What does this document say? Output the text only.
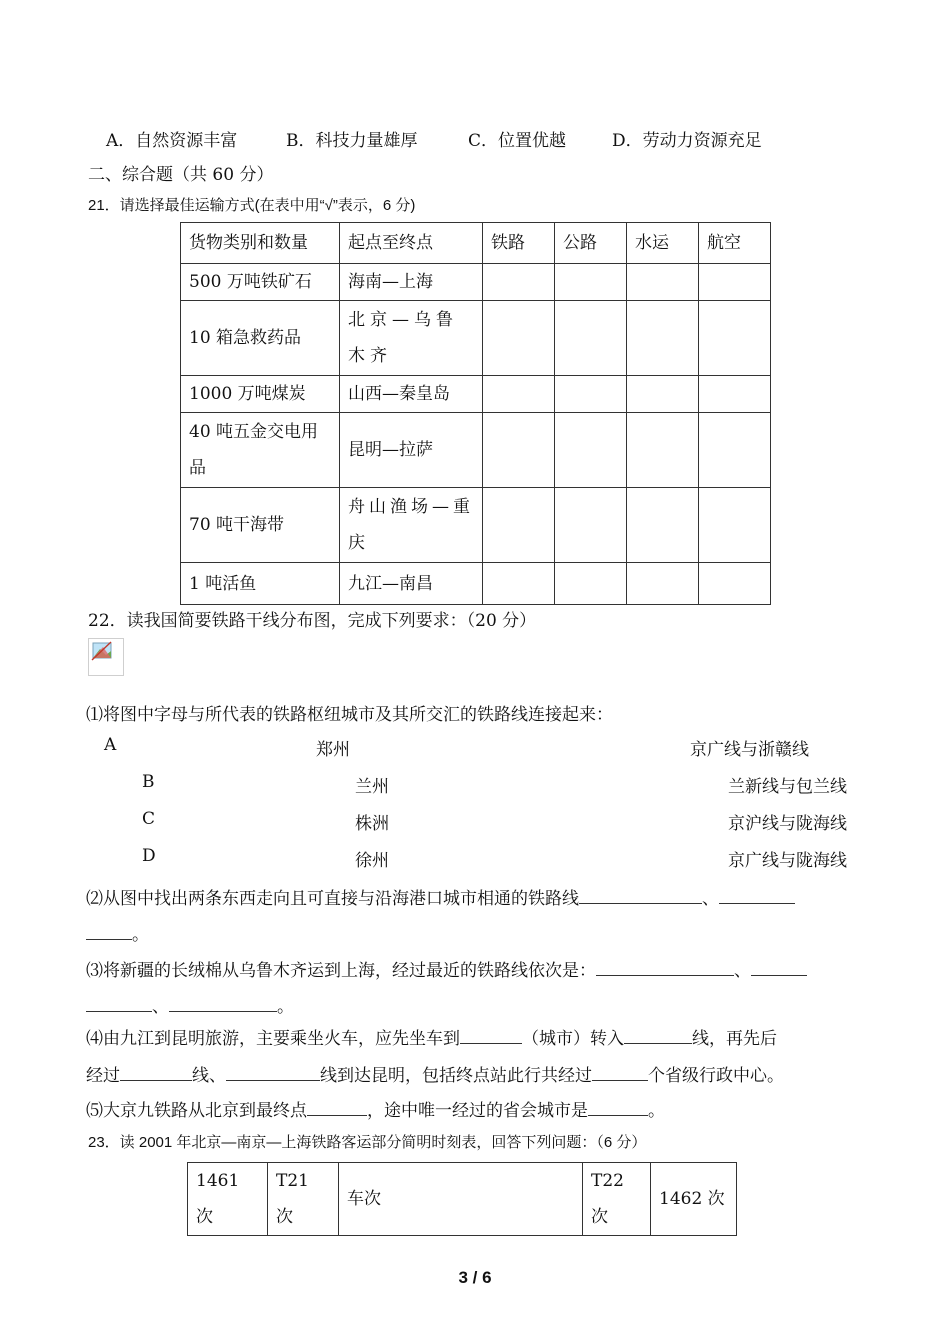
A．自然资源丰富	B．科技力量雄厚	C．位置优越	D．劳动力资源充足
二、综合题（共 60 分）
21．请选择最佳运输方式(在表中用“√”表示，6 分)
货物类别和数量	起点至终点	铁路	公路	水运	航空
500 万吨铁矿石	海南—上海				
10 箱急救药品	北京—乌鲁木齐				
1000 万吨煤炭	山西—秦皇岛				
40 吨五金交电用品	昆明—拉萨				
70 吨干海带	舟山渔场—重庆				
1 吨活鱼	九江—南昌				
22．读我国简要铁路干线分布图，完成下列要求：（20 分）
⑴将图中字母与所代表的铁路枢纽城市及其所交汇的铁路线连接起来：
A	郑州	京广线与浙赣线
B	兰州	兰新线与包兰线
C	株洲	京沪线与陇海线
D	徐州	京广线与陇海线
⑵从图中找出两条东西走向且可直接与沿海港口城市相通的铁路线	、
。
⑶将新疆的长绒棉从乌鲁木齐运到上海，经过最近的铁路线依次是：	、
、	。
⑷由九江到昆明旅游，主要乘坐火车，应先坐车到	（城市）转入	线，再先后
经过	线、	线到达昆明，包括终点站此行共经过	个省级行政中心。
⑸大京九铁路从北京到最终点	，途中唯一经过的省会城市是	。
23．读 2001 年北京—南京—上海铁路客运部分简明时刻表，回答下列问题：（6 分）
1461 次	T21 次	车次	T22 次	1462 次
3 / 6
